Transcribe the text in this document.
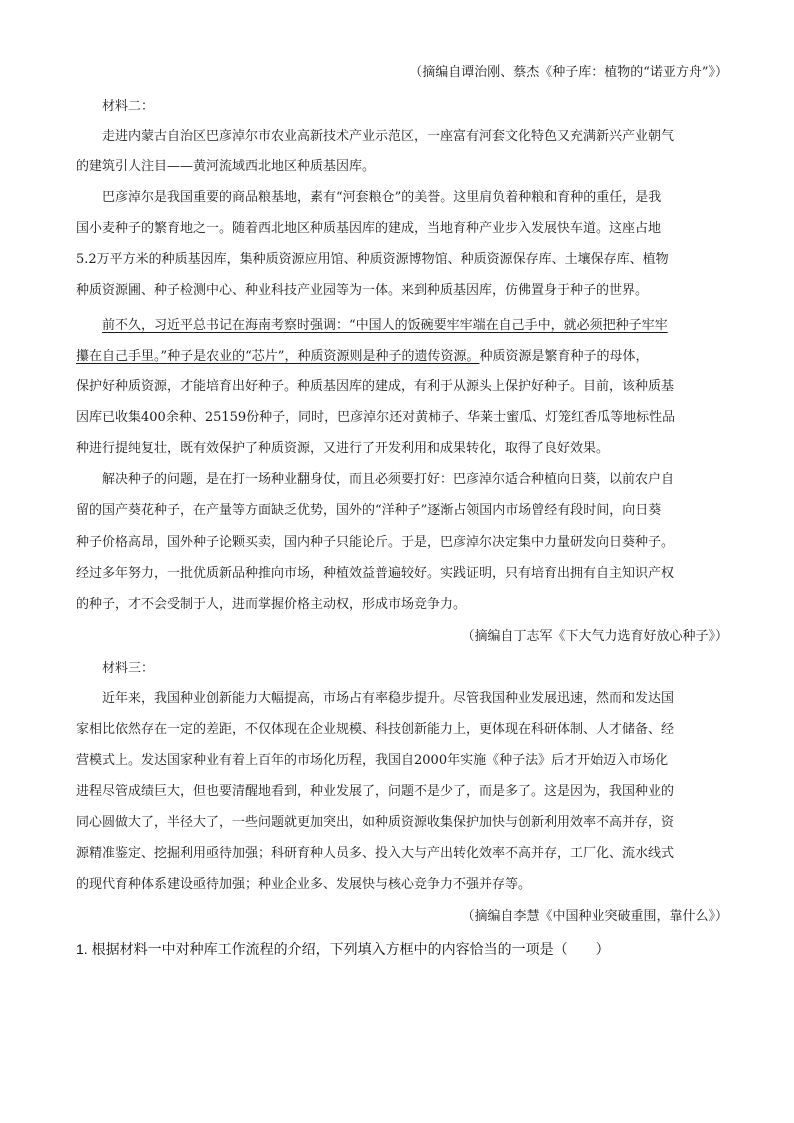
（摘编自谭治刚、蔡杰《种子库：植物的“诺亚方舟”》）
材料二：
走进内蒙古自治区巴彦淖尔市农业高新技术产业示范区，一座富有河套文化特色又充满新兴产业朝气
的建筑引人注目——黄河流域西北地区种质基因库。
巴彦淖尔是我国重要的商品粮基地，素有“河套粮仓”的美誉。这里肩负着种粮和育种的重任，是我
国小麦种子的繁育地之一。随着西北地区种质基因库的建成，当地育种产业步入发展快车道。这座占地
5.2万平方米的种质基因库，集种质资源应用馆、种质资源博物馆、种质资源保存库、土壤保存库、植物
种质资源圃、种子检测中心、种业科技产业园等为一体。来到种质基因库，仿佛置身于种子的世界。
前不久，习近平总书记在海南考察时强调：“中国人的饭碗要牢牢端在自己手中，就必须把种子牢牢
攥在自己手里。”种子是农业的“芯片”，种质资源则是种子的遗传资源。种质资源是繁育种子的母体，
保护好种质资源，才能培育出好种子。种质基因库的建成，有利于从源头上保护好种子。目前，该种质基
因库已收集400余种、25159份种子，同时，巴彦淖尔还对黄柿子、华莱士蜜瓜、灯笼红香瓜等地标性品
种进行提纯复壮，既有效保护了种质资源，又进行了开发利用和成果转化，取得了良好效果。
解决种子的问题，是在打一场种业翻身仗，而且必须要打好：巴彦淖尔适合种植向日葵，以前农户自
留的国产葵花种子，在产量等方面缺乏优势，国外的“洋种子”逐渐占领国内市场曾经有段时间，向日葵
种子价格高昂，国外种子论颗买卖，国内种子只能论斤。于是，巴彦淖尔决定集中力量研发向日葵种子。
经过多年努力，一批优质新品种推向市场，种植效益普遍较好。实践证明，只有培育出拥有自主知识产权
的种子，才不会受制于人，进而掌握价格主动权，形成市场竞争力。
（摘编自丁志军《下大气力选育好放心种子》）
材料三：
近年来，我国种业创新能力大幅提高，市场占有率稳步提升。尽管我国种业发展迅速，然而和发达国
家相比依然存在一定的差距，不仅体现在企业规模、科技创新能力上，更体现在科研体制、人才储备、经
营模式上。发达国家种业有着上百年的市场化历程，我国自2000年实施《种子法》后才开始迈入市场化
进程尽管成绩巨大，但也要清醒地看到，种业发展了，问题不是少了，而是多了。这是因为，我国种业的
同心圆做大了，半径大了，一些问题就更加突出，如种质资源收集保护加快与创新利用效率不高并存，资
源精准鉴定、挖掘利用亟待加强；科研育种人员多、投入大与产出转化效率不高并存，工厂化、流水线式
的现代育种体系建设亟待加强；种业企业多、发展快与核心竞争力不强并存等。
（摘编自李慧《中国种业突破重围，靠什么》）
1. 根据材料一中对种库工作流程的介绍，下列填入方框中的内容恰当的一项是（　　）
